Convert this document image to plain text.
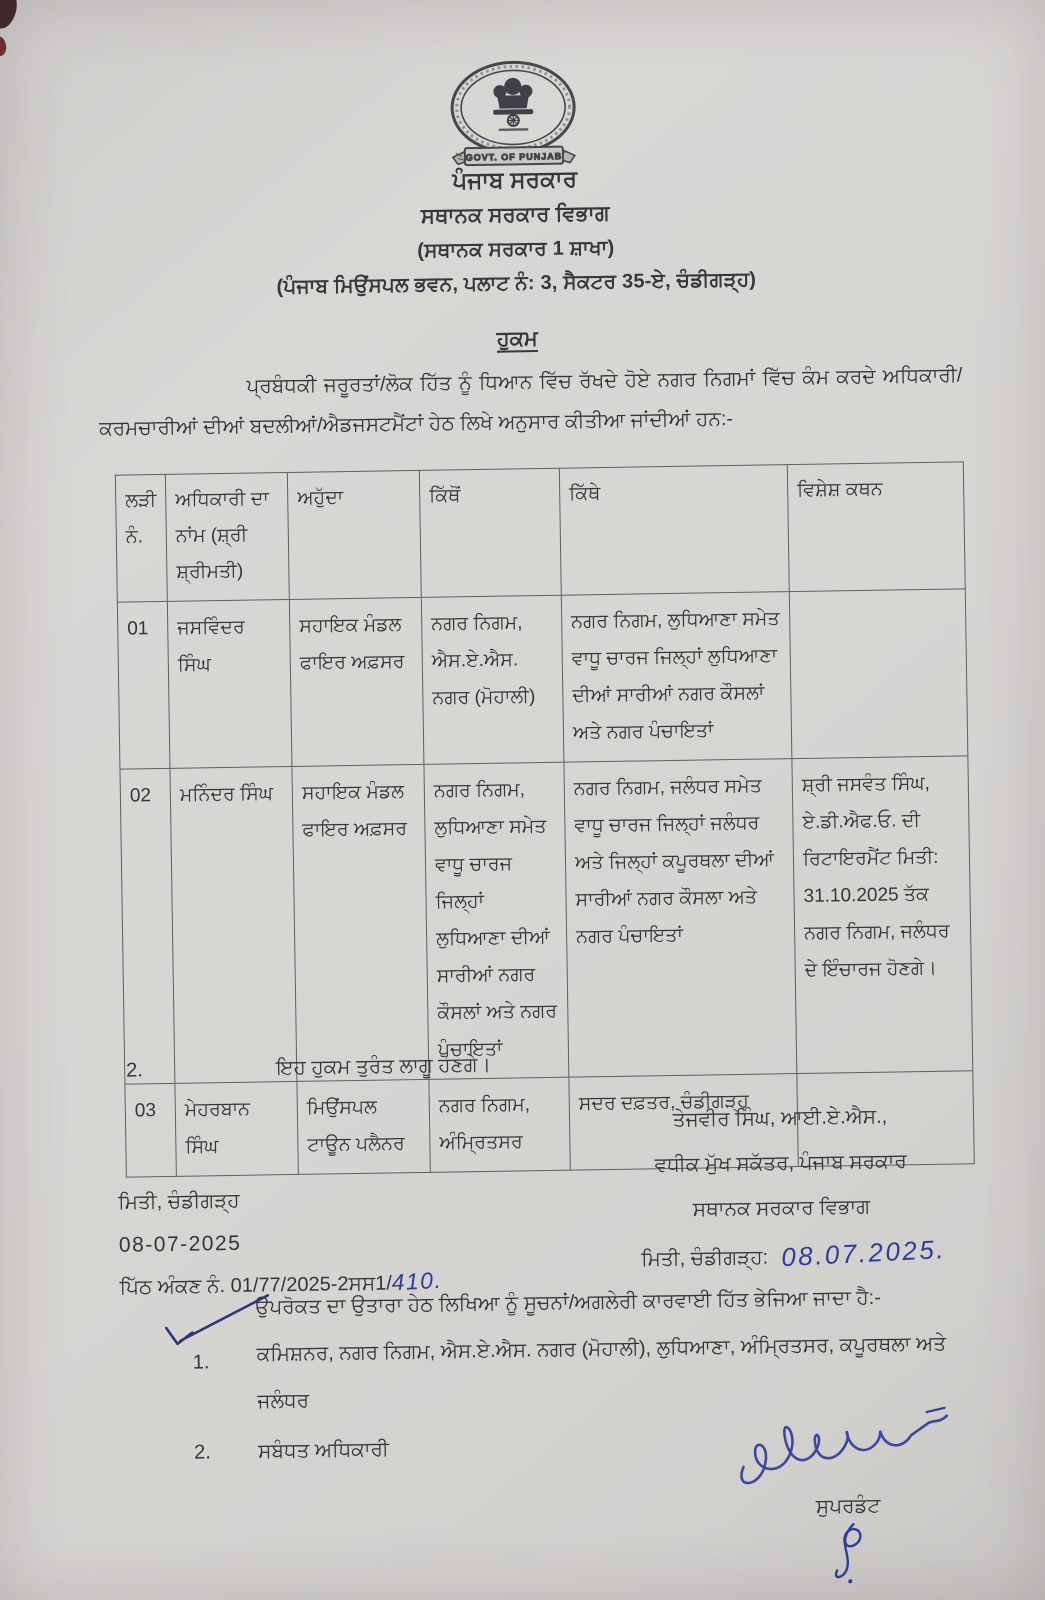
GOVT. OF PUNJAB
ਪੰਜਾਬ ਸਰਕਾਰ
ਸਥਾਨਕ ਸਰਕਾਰ ਵਿਭਾਗ
(ਸਥਾਨਕ ਸਰਕਾਰ 1 ਸ਼ਾਖਾ)
(ਪੰਜਾਬ ਮਿਉਂਸਪਲ ਭਵਨ, ਪਲਾਟ ਨੰ: 3, ਸੈਕਟਰ 35-ਏ, ਚੰਡੀਗੜ੍ਹ)
ਹੁਕਮ
ਪ੍ਰਬੰਧਕੀ ਜਰੂਰਤਾਂ/ਲੋਕ ਹਿੱਤ ਨੂੰ ਧਿਆਨ ਵਿੱਚ ਰੱਖਦੇ ਹੋਏ ਨਗਰ ਨਿਗਮਾਂ ਵਿੱਚ ਕੰਮ ਕਰਦੇ ਅਧਿਕਾਰੀ/ਕਰਮਚਾਰੀਆਂ ਦੀਆਂ ਬਦਲੀਆਂ/ਐਡਜਸਟਮੈਂਟਾਂ ਹੇਠ ਲਿਖੇ ਅਨੁਸਾਰ ਕੀਤੀਆ ਜਾਂਦੀਆਂ ਹਨ:-
ਲੜੀ ਨੰ.	ਅਧਿਕਾਰੀ ਦਾ ਨਾਂਮ (ਸ਼੍ਰੀ ਸ਼੍ਰੀਮਤੀ)	ਅਹੁੱਦਾ	ਕਿੱਥੋਂ	ਕਿੱਥੇ	ਵਿਸ਼ੇਸ਼ ਕਥਨ
01	ਜਸਵਿੰਦਰ ਸਿੰਘ	ਸਹਾਇਕ ਮੰਡਲ ਫਾਇਰ ਅਫ਼ਸਰ	ਨਗਰ ਨਿਗਮ, ਐਸ.ਏ.ਐਸ. ਨਗਰ (ਮੋਹਾਲੀ)	ਨਗਰ ਨਿਗਮ, ਲੁਧਿਆਣਾ ਸਮੇਤ ਵਾਧੂ ਚਾਰਜ ਜਿਲ੍ਹਾਂ ਲੁਧਿਆਣਾ ਦੀਆਂ ਸਾਰੀਆਂ ਨਗਰ ਕੌਸਲਾਂ ਅਤੇ ਨਗਰ ਪੰਚਾਇਤਾਂ	
02	ਮਨਿੰਦਰ ਸਿੰਘ	ਸਹਾਇਕ ਮੰਡਲ ਫਾਇਰ ਅਫ਼ਸਰ	ਨਗਰ ਨਿਗਮ, ਲੁਧਿਆਣਾ ਸਮੇਤ ਵਾਧੂ ਚਾਰਜ ਜਿਲ੍ਹਾਂ ਲੁਧਿਆਣਾ ਦੀਆਂ ਸਾਰੀਆਂ ਨਗਰ ਕੌਸਲਾਂ ਅਤੇ ਨਗਰ ਪੰਚਾਇਤਾਂ	ਨਗਰ ਨਿਗਮ, ਜਲੰਧਰ ਸਮੇਤ ਵਾਧੂ ਚਾਰਜ ਜਿਲ੍ਹਾਂ ਜਲੰਧਰ ਅਤੇ ਜਿਲ੍ਹਾਂ ਕਪੂਰਥਲਾ ਦੀਆਂ ਸਾਰੀਆਂ ਨਗਰ ਕੌਸਲਾ ਅਤੇ ਨਗਰ ਪੰਚਾਇਤਾਂ	ਸ਼੍ਰੀ ਜਸਵੰਤ ਸਿੰਘ, ਏ.ਡੀ.ਐਫ.ਓ. ਦੀ ਰਿਟਾਇਰਮੈਂਟ ਮਿਤੀ: 31.10.2025 ਤੱਕ ਨਗਰ ਨਿਗਮ, ਜਲੰਧਰ ਦੇ ਇੰਚਾਰਜ ਹੋਣਗੇ।
03	ਮੇਹਰਬਾਨ ਸਿੰਘ	ਮਿਉਂਸਪਲ ਟਾਊਨ ਪਲੈਨਰ	ਨਗਰ ਨਿਗਮ, ਅੰਮ੍ਰਿਤਸਰ	ਸਦਰ ਦਫ਼ਤਰ, ਚੰਡੀਗੜ੍ਹ	
2.	ਇਹ ਹੁਕਮ ਤੁਰੰਤ ਲਾਗੂ ਹੋਣਗੇ।
ਤੇਜਵੀਰ ਸਿੰਘ, ਆਈ.ਏ.ਐਸ.,
ਵਧੀਕ ਮੁੱਖ ਸਕੱਤਰ, ਪੰਜਾਬ ਸਰਕਾਰ
ਸਥਾਨਕ ਸਰਕਾਰ ਵਿਭਾਗ
ਮਿਤੀ, ਚੰਡੀਗੜ੍ਹ
08-07-2025
ਮਿਤੀ, ਚੰਡੀਗੜ੍ਹ: 08.07.2025.
ਪਿੱਠ ਅੰਕਣ ਨੰ. 01/77/2025-2ਸਸ1/410.
ਉਪਰੋਕਤ ਦਾ ਉਤਾਰਾ ਹੇਠ ਲਿਖਿਆ ਨੂੰ ਸੂਚਨਾਂ/ਅਗਲੇਰੀ ਕਾਰਵਾਈ ਹਿੱਤ ਭੇਜਿਆ ਜਾਦਾ ਹੈ:-
1. ਕਮਿਸ਼ਨਰ, ਨਗਰ ਨਿਗਮ, ਐਸ.ਏ.ਐਸ. ਨਗਰ (ਮੋਹਾਲੀ), ਲੁਧਿਆਣਾ, ਅੰਮ੍ਰਿਤਸਰ, ਕਪੂਰਥਲਾ ਅਤੇ ਜਲੰਧਰ
2. ਸਬੰਧਤ ਅਧਿਕਾਰੀ
ਸੁਪਰਡੰਟ
